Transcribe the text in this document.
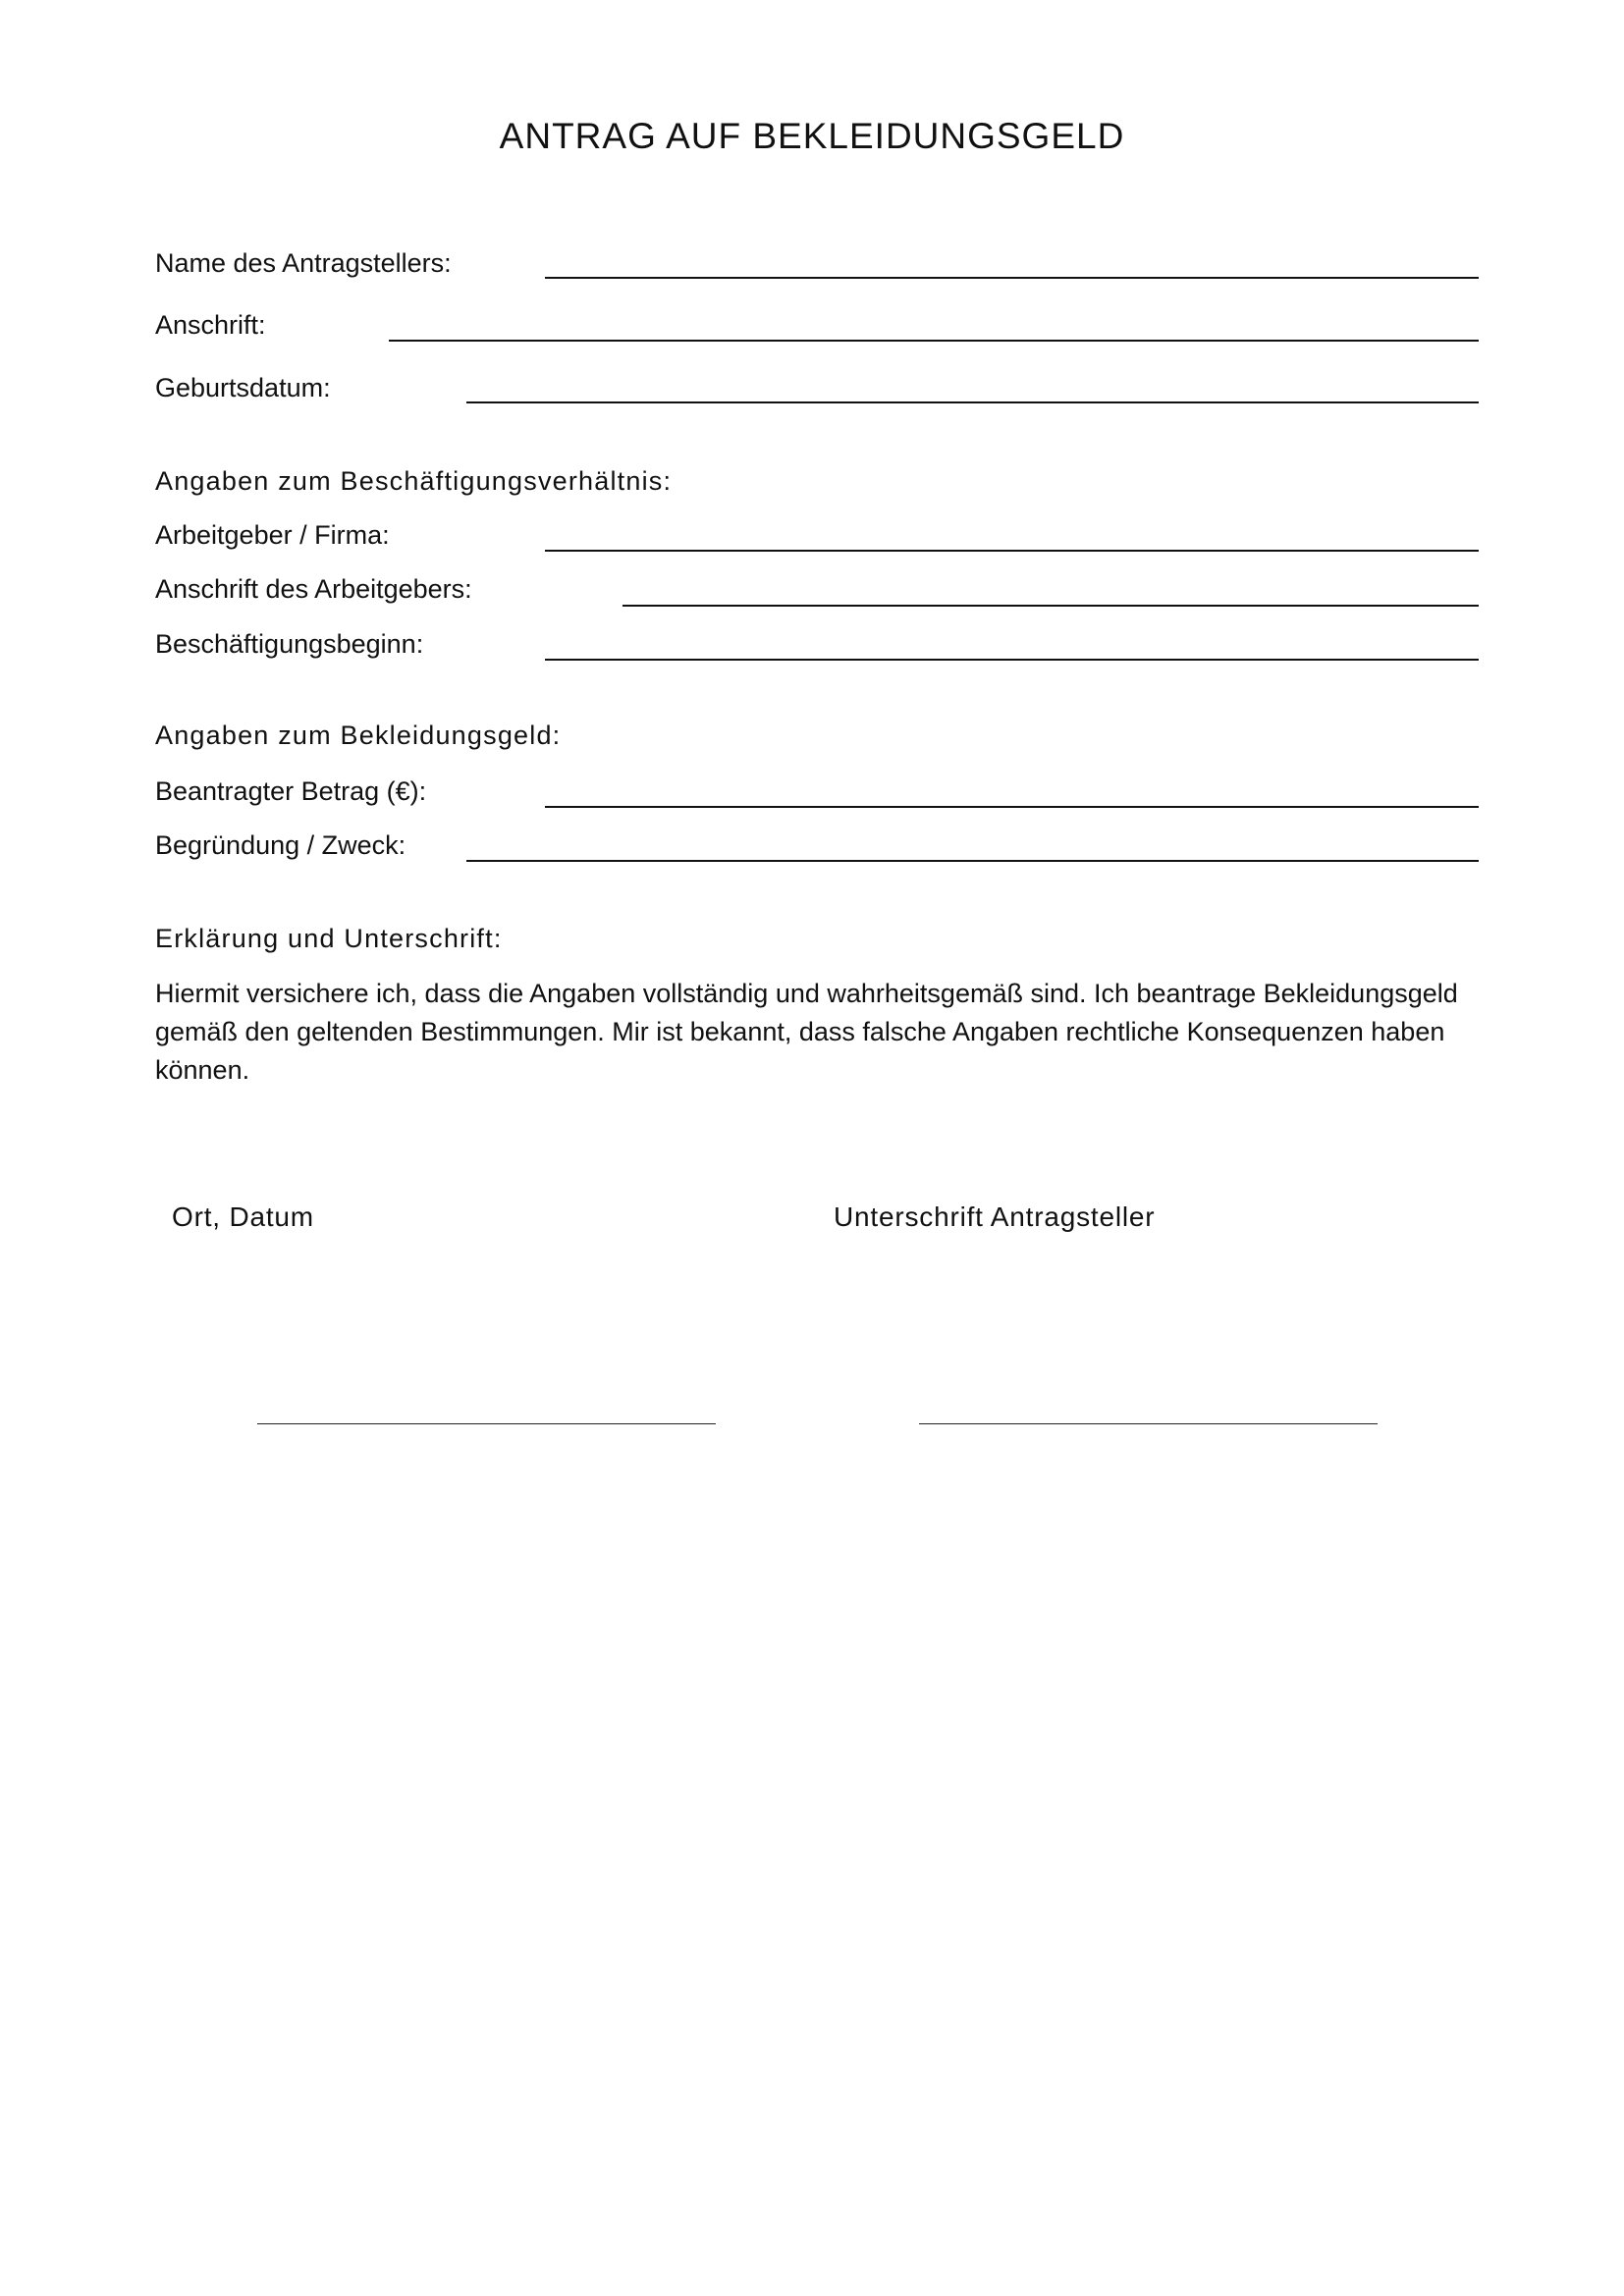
ANTRAG AUF BEKLEIDUNGSGELD
Name des Antragstellers:
Anschrift:
Geburtsdatum:
Angaben zum Beschäftigungsverhältnis:
Arbeitgeber / Firma:
Anschrift des Arbeitgebers:
Beschäftigungsbeginn:
Angaben zum Bekleidungsgeld:
Beantragter Betrag (€):
Begründung / Zweck:
Erklärung und Unterschrift:
Hiermit versichere ich, dass die Angaben vollständig und wahrheitsgemäß sind. Ich beantrage Bekleidungsgeld gemäß den geltenden Bestimmungen. Mir ist bekannt, dass falsche Angaben rechtliche Konsequenzen haben können.
Ort, Datum	Unterschrift Antragsteller
